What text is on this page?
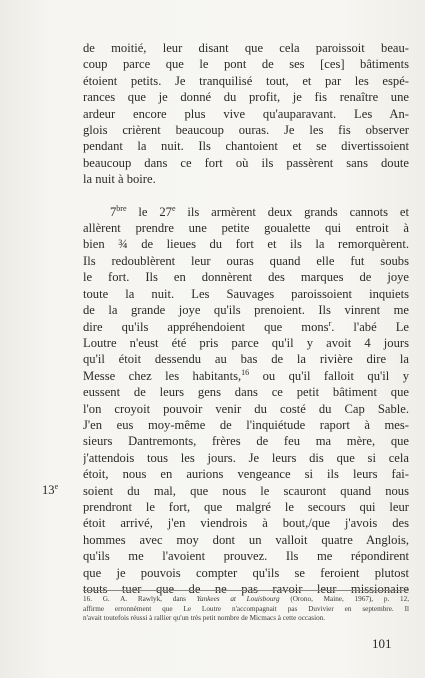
de moitié, leur disant que cela paroissoit beau-
coup parce que le pont de ses [ces] bâtiments
étoient petits. Je tranquilisé tout, et par les espé-
rances que je donné du profit, je fis renaître une
ardeur encore plus vive qu'auparavant. Les An-
glois crièrent beaucoup ouras. Je les fis observer
pendant la nuit. Ils chantoient et se divertissoient
beaucoup dans ce fort où ils passèrent sans doute
la nuit à boire.
$7^{bre}$ le 27e ils armèrent deux grands cannots et
allèrent prendre une petite goualette qui entroit à
bien ¾ de lieues du fort et ils la remorquèrent.
Ils redoublèrent leur ouras quand elle fut soubs
le fort. Ils en donnèrent des marques de joye
toute la nuit. Les Sauvages paroissoient inquiets
de la grande joye qu'ils prenoient. Ils vinrent me
dire qu'ils appréhendoient que mons$^r$. l'abé Le
Loutre n'eust été pris parce qu'il y avoit 4 jours
qu'il étoit dessendu au bas de la rivière dire la
Messe chez les habitants,$^{16}$ ou qu'il falloit qu'il y
eussent de leurs gens dans ce petit bâtiment que
l'on croyoit pouvoir venir du costé du Cap Sable.
J'en eus moy-même de l'inquiétude raport à mes-
sieurs Dantremonts, frères de feu ma mère, que
j'attendois tous les jours. Je leurs dis que si cela
étoit, nous en aurions vengeance si ils leurs fai-
soient du mal, que nous le scauront quand nous
prendront le fort, que malgré le secours qui leur
étoit arrivé, j'en viendrois à bout,/que j'avois des
hommes avec moy dont un valloit quatre Anglois,
qu'ils me l'avoient prouvez. Ils me répondirent
que je pouvois compter qu'ils se feroient plutost
touts tuer que de ne pas ravoir leur missionaire
13e
16. G. A. Rawlyk, dans Yankees at Louisbourg (Orono, Maine, 1967), p. 12,
affirme erronnément que Le Loutre n'accompagnait pas Duvivier en septembre. Il
n'avait toutefois réussi à rallier qu'un très petit nombre de Micmacs à cette occasion.
101
